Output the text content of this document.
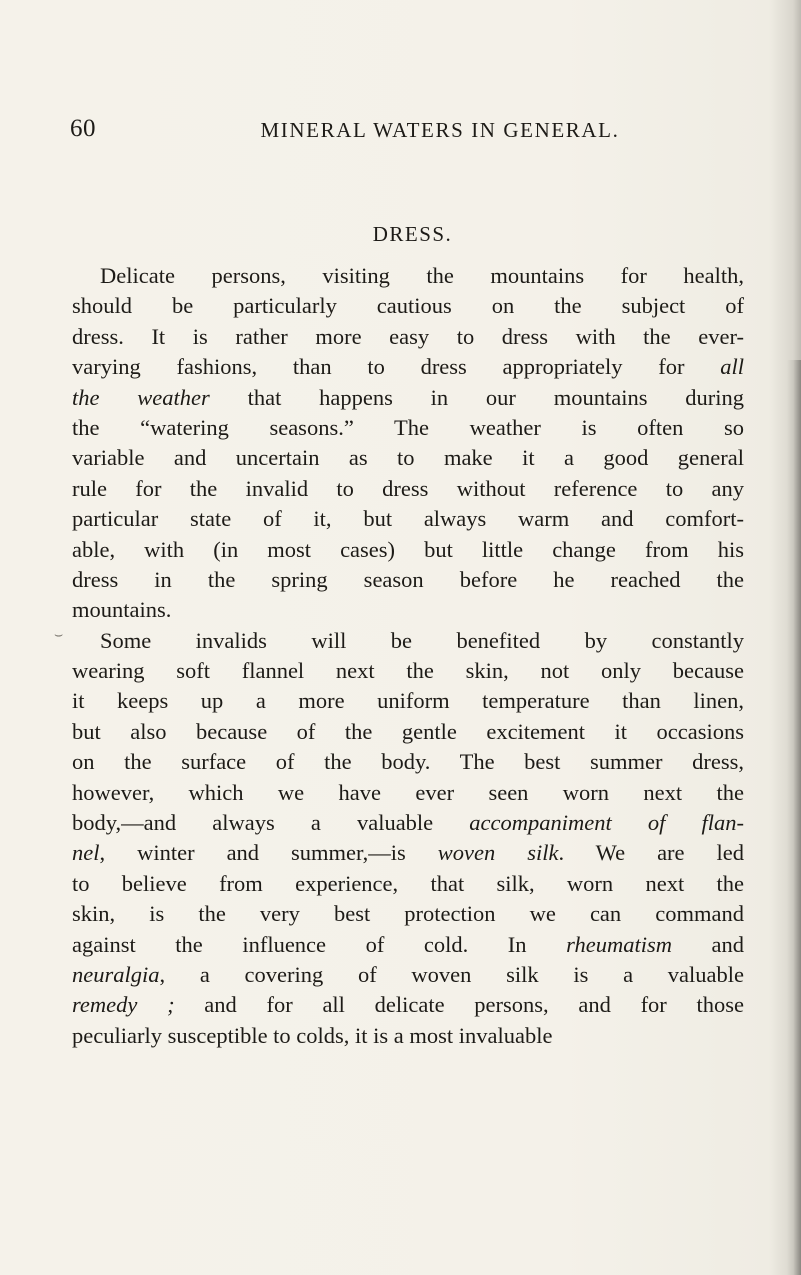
60	MINERAL WATERS IN GENERAL.
DRESS.
⌣
Delicate persons, visiting the mountains for health,
should be particularly cautious on the subject of
dress. It is rather more easy to dress with the ever-
varying fashions, than to dress appropriately for all
the weather that happens in our mountains during
the “watering seasons.” The weather is often so
variable and uncertain as to make it a good general
rule for the invalid to dress without reference to any
particular state of it, but always warm and comfort-
able, with (in most cases) but little change from his
dress in the spring season before he reached the
mountains.
Some invalids will be benefited by constantly
wearing soft flannel next the skin, not only because
it keeps up a more uniform temperature than linen,
but also because of the gentle excitement it occasions
on the surface of the body. The best summer dress,
however, which we have ever seen worn next the
body,—and always a valuable accompaniment of flan-
nel, winter and summer,—is woven silk. We are led
to believe from experience, that silk, worn next the
skin, is the very best protection we can command
against the influence of cold. In rheumatism and
neuralgia, a covering of woven silk is a valuable
remedy ; and for all delicate persons, and for those
peculiarly susceptible to colds, it is a most invaluable
